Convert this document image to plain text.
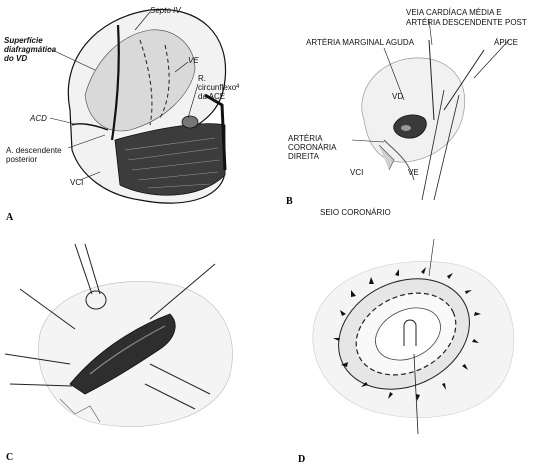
Septo IV
Superfície diafragmática do VD	VE
R. circunflexo da ACE
4
ACD
A. descendente posterior
VCI
A
VEIA CARDÍACA MÉDIA E
ARTÉRIA DESCENDENTE POST
ARTÉRIA MARGINAL AGUDA	ÁPICE
VD
ARTÉRIA CORONÁRIA DIREITA
VCI	VE
SEIO CORONÁRIO
B
C	D
